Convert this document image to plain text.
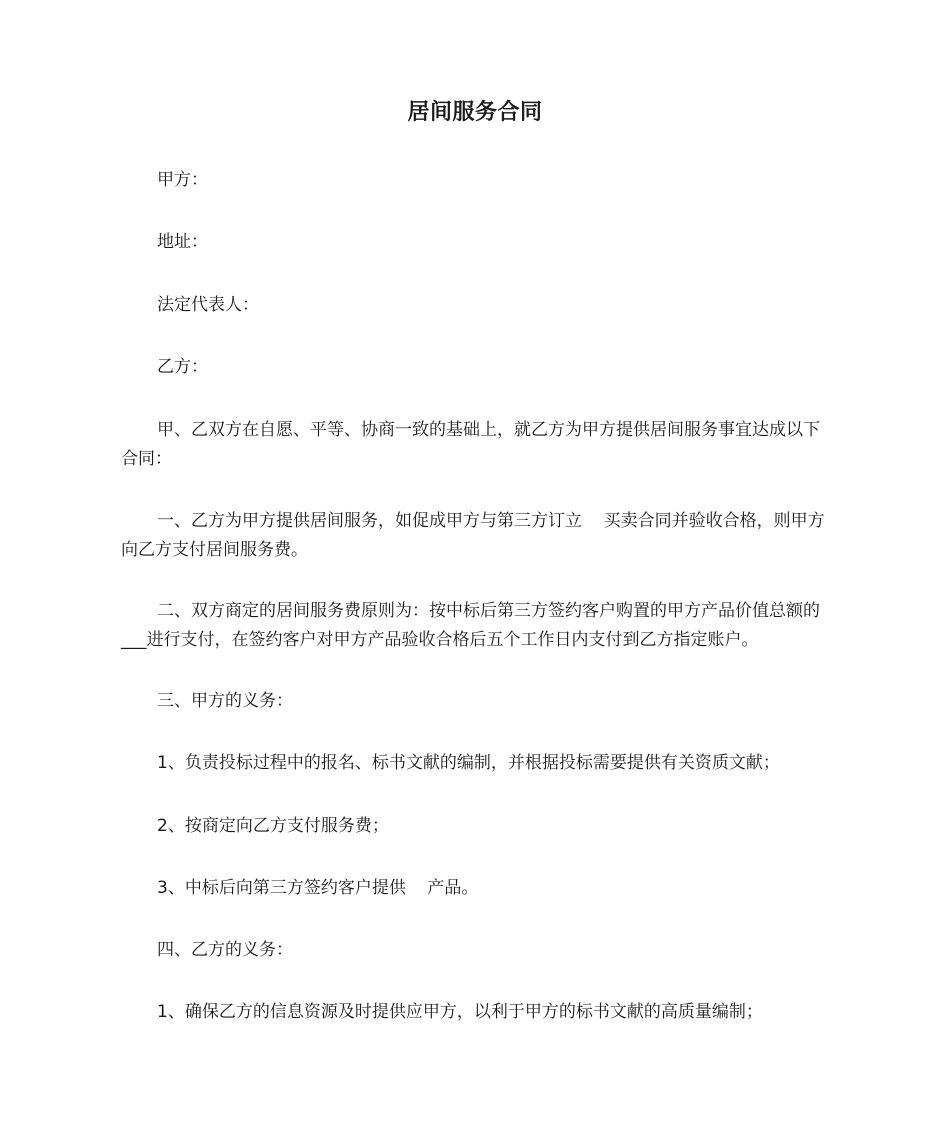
居间服务合同

甲方：

地址：

法定代表人：

乙方：

甲、乙双方在自愿、平等、协商一致的基础上，就乙方为甲方提供居间服务事宜达成以下合同：

一、乙方为甲方提供居间服务，如促成甲方与第三方订立    买卖合同并验收合格，则甲方向乙方支付居间服务费。

二、双方商定的居间服务费原则为：按中标后第三方签约客户购置的甲方产品价值总额的___进行支付，在签约客户对甲方产品验收合格后五个工作日内支付到乙方指定账户。

三、甲方的义务：

1、负责投标过程中的报名、标书文献的编制，并根据投标需要提供有关资质文献；

2、按商定向乙方支付服务费；

3、中标后向第三方签约客户提供    产品。

四、乙方的义务：

1、确保乙方的信息资源及时提供应甲方，以利于甲方的标书文献的高质量编制；
